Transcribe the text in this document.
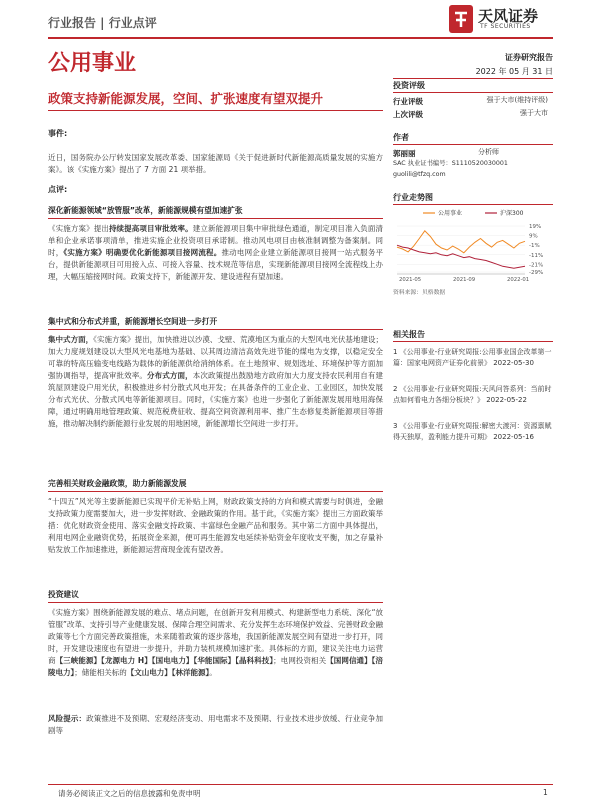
行业报告 | 行业点评	天风证券
TF SECURITIES
公用事业	证券研究报告
2022 年 05 月 31 日
政策支持新能源发展，空间、扩张速度有望双提升
事件:
近日，国务院办公厅转发国家发展改革委、国家能源局《关于促进新时代新能源高质量发展的实施方案》。该《实施方案》提出了 7 方面 21 项举措。
点评:
深化新能源领域“放管服”改革，新能源规模有望加速扩张
《实施方案》提出持续提高项目审批效率。建立新能源项目集中审批绿色通道，制定项目准入负面清单和企业承诺事项清单，推进实施企业投资项目承诺制。推动风电项目由核准制调整为备案制。同时，《实施方案》明确要优化新能源项目接网流程。推动电网企业建立新能源项目接网一站式服务平台，提供新能源项目可用接入点、可接入容量、技术规范等信息，实现新能源项目接网全流程线上办理，大幅压缩接网时间。政策支持下，新能源开发、建设进程有望加速。
集中式和分布式并重，新能源增长空间进一步打开
集中式方面，《实施方案》提出，加快推进以沙漠、戈壁、荒漠地区为重点的大型风电光伏基地建设；加大力度规划建设以大型风光电基地为基础、以其周边清洁高效先进节能的煤电为支撑，以稳定安全可靠的特高压输变电线路为载体的新能源供给消纳体系。在土地预审、规划选址、环境保护等方面加强协调指导，提高审批效率。分布式方面，本次政策提出鼓励地方政府加大力度支持农民利用自有建筑屋顶建设户用光伏，积极推进乡村分散式风电开发；在具备条件的工业企业、工业园区，加快发展分布式光伏、分散式风电等新能源项目。同时，《实施方案》也进一步强化了新能源发展用地用海保障，通过明确用地管理政策、规范税费征收、提高空间资源利用率、推广生态修复类新能源项目等措施，推动解决制约新能源行业发展的用地困境，新能源增长空间进一步打开。
完善相关财政金融政策，助力新能源发展
“十四五”风光等主要新能源已实现平价无补贴上网，财政政策支持的方向和模式需要与时俱进，金融支持政策力度需要加大，进一步发挥财政、金融政策的作用。基于此，《实施方案》提出三方面政策举措：优化财政资金使用、落实金融支持政策、丰富绿色金融产品和服务。其中第二方面中具体提出，利用电网企业融资优势，拓展资金来源，便可再生能源发电延续补贴资金年度收支平衡，加之存量补贴发放工作加速推进，新能源运营商现金流有望改善。
投资建议
《实施方案》围绕新能源发展的难点、堵点问题，在创新开发利用模式、构建新型电力系统、深化“放管服”改革、支持引导产业健康发展、保障合理空间需求、充分发挥生态环境保护效益、完善财政金融政策等七个方面完善政策措施，未来随着政策的逐步落地，我国新能源发展空间有望进一步打开，同时，开发建设速度也有望进一步提升，并助力装机规模加速扩张。具体标的方面，建议关注电力运营商【三峡能源】【龙源电力 H】【国电电力】【华能国际】【晶科科技】；电网投资相关【国网信通】【涪陵电力】；储能相关标的【文山电力】【林洋能源】。
风险提示：政策推进不及预期、宏观经济变动、用电需求不及预期、行业技术进步放缓、行业竞争加剧等
投资评级
行业评级	强于大市(维持评级)
上次评级	强于大市
作者
郭丽丽	分析师
SAC 执业证书编号：S1110520030001
guolili@tfzq.com
行业走势图
19%
9%
-1%
-11%
-21%
-29%
2021-05	2021-09	2022-01
公用事业	沪深300
资料来源：贝格数据
相关报告
1 《公用事业-行业研究周报:公用事业国企改革第一篇：国家电网资产证券化前景》 2022-05-30
2 《公用事业-行业研究周报:天风问答系列：当前时点如何看电力各细分板块？》 2022-05-22
3 《公用事业-行业研究周报:解密大渡河：资源禀赋得天独厚，盈利能力提升可期》 2022-05-16
请务必阅读正文之后的信息披露和免责申明	1
